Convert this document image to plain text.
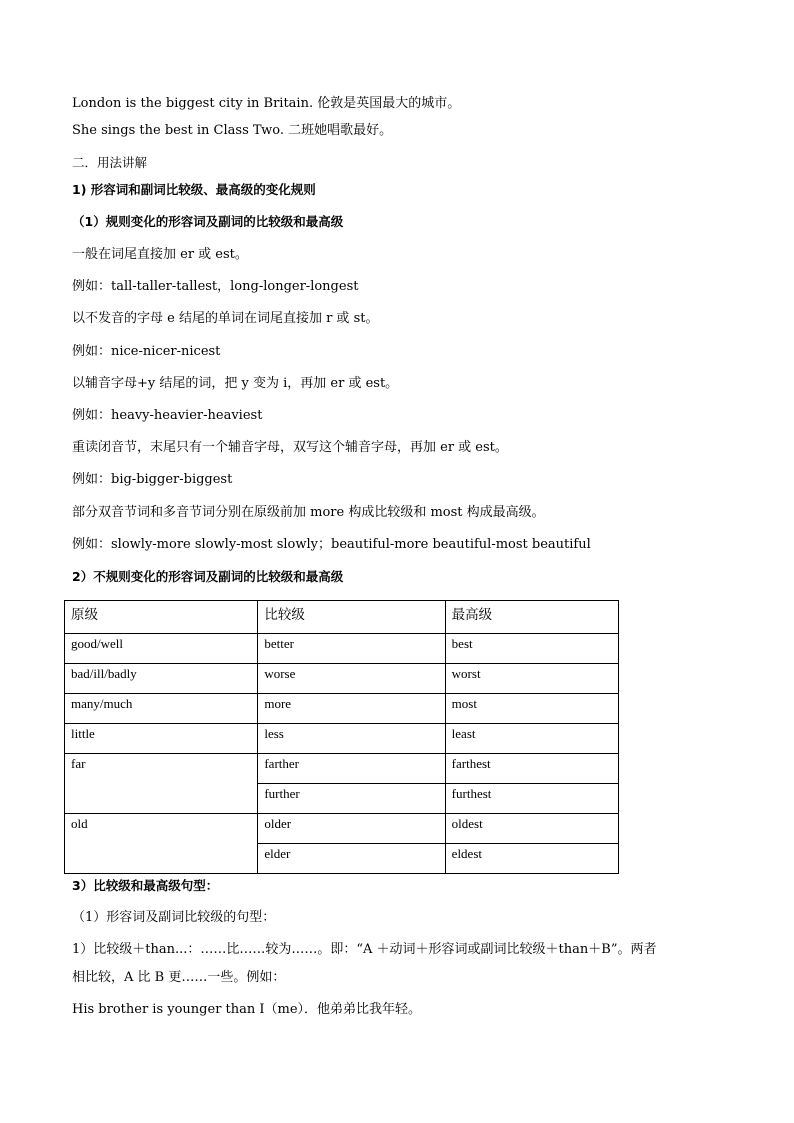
London is the biggest city in Britain. 伦敦是英国最大的城市。
She sings the best in Class Two. 二班她唱歌最好。
二．用法讲解
1) 形容词和副词比较级、最高级的变化规则
（1）规则变化的形容词及副词的比较级和最高级
一般在词尾直接加 er 或 est。
例如：tall-taller-tallest，long-longer-longest
以不发音的字母 e 结尾的单词在词尾直接加 r 或 st。
例如：nice-nicer-nicest
以辅音字母+y 结尾的词，把 y 变为 i，再加 er 或 est。
例如：heavy-heavier-heaviest
重读闭音节，末尾只有一个辅音字母，双写这个辅音字母，再加 er 或 est。
例如：big-bigger-biggest
部分双音节词和多音节词分别在原级前加 more 构成比较级和 most 构成最高级。
例如：slowly-more slowly-most slowly；beautiful-more beautiful-most beautiful
2）不规则变化的形容词及副词的比较级和最高级
原级	比较级	最高级
good/well	better	best
bad/ill/badly	worse	worst
many/much	more	most
little	less	least
far	farther	farthest
	further	furthest
old	older	oldest
	elder	eldest
3）比较级和最高级句型：
（1）形容词及副词比较级的句型：
1）比较级＋than...：……比……较为……。即：“A ＋动词＋形容词或副词比较级＋than＋B”。两者
相比较，A 比 B 更……一些。例如：
His brother is younger than I（me）．他弟弟比我年轻。
